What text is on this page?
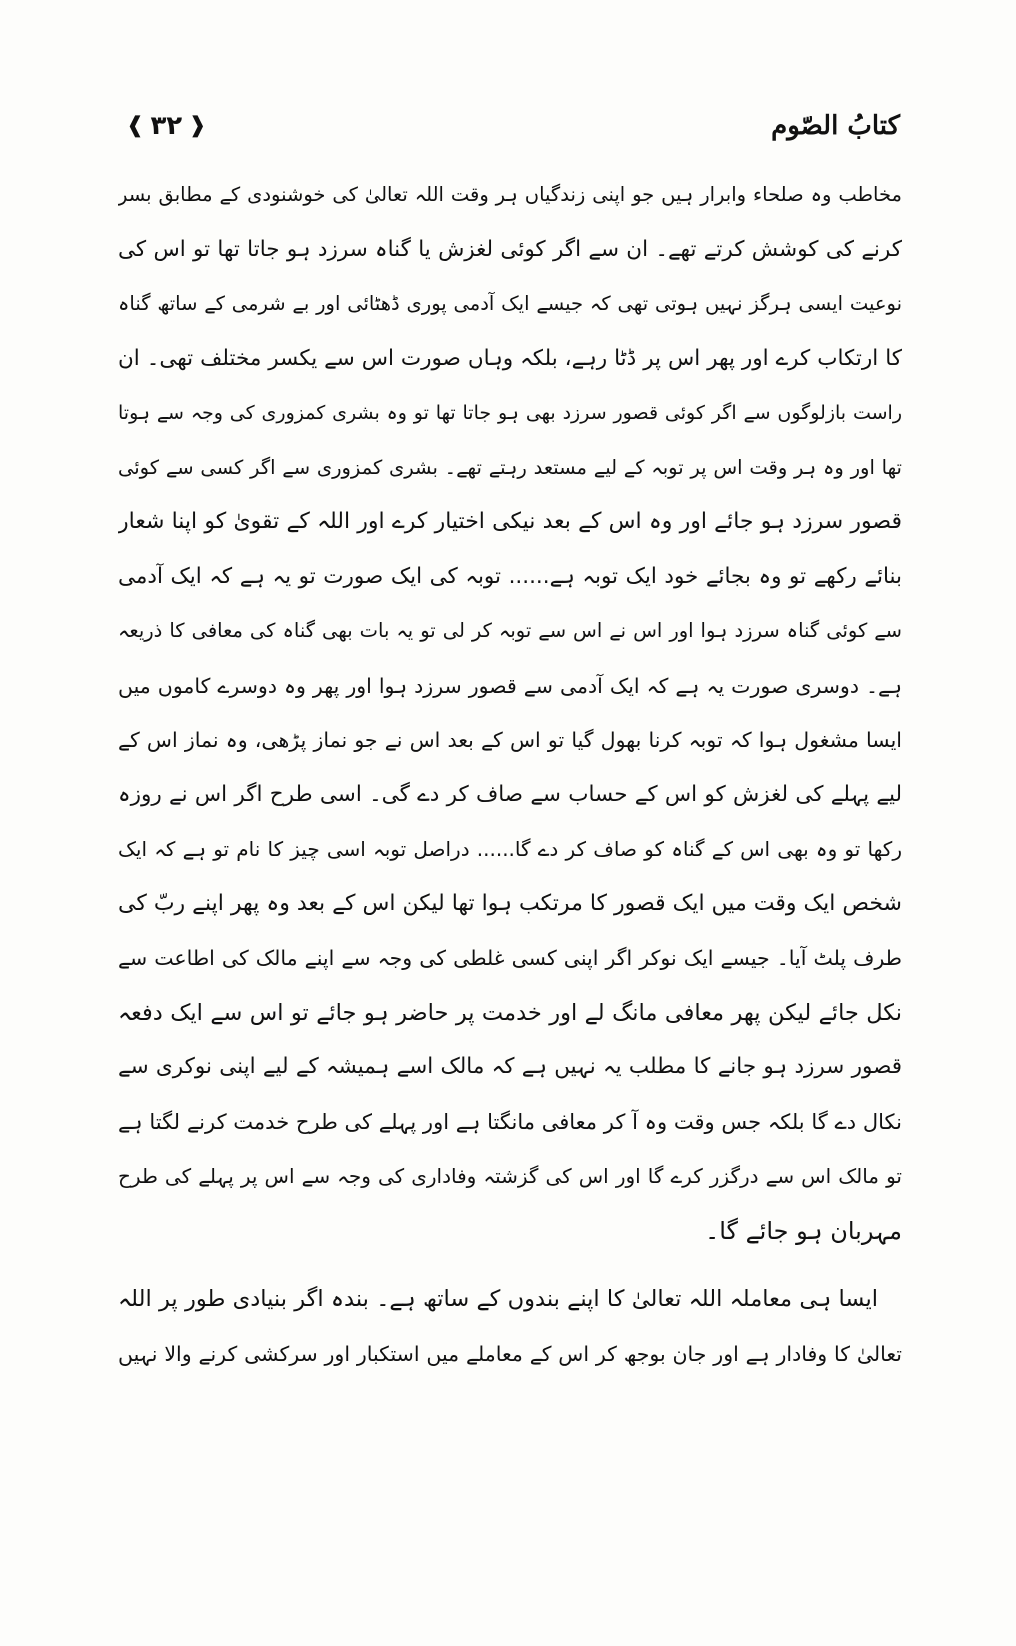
کتابُ الصّوم
❰ ۳۲ ❱
مخاطب وہ صلحاء وابرار ہیں جو اپنی زندگیاں ہر وقت اللہ تعالیٰ کی خوشنودی کے مطابق بسر
کرنے کی کوشش کرتے تھے۔ ان سے اگر کوئی لغزش یا گناہ سرزد ہو جاتا تھا تو اس کی
نوعیت ایسی ہرگز نہیں ہوتی تھی کہ جیسے ایک آدمی پوری ڈھٹائی اور بے شرمی کے ساتھ گناہ
کا ارتکاب کرے اور پھر اس پر ڈٹا رہے، بلکہ وہاں صورت اس سے یکسر مختلف تھی۔ ان
راست بازلوگوں سے اگر کوئی قصور سرزد بھی ہو جاتا تھا تو وہ بشری کمزوری کی وجہ سے ہوتا
تھا اور وہ ہر وقت اس پر توبہ کے لیے مستعد رہتے تھے۔ بشری کمزوری سے اگر کسی سے کوئی
قصور سرزد ہو جائے اور وہ اس کے بعد نیکی اختیار کرے اور اللہ کے تقویٰ کو اپنا شعار
بنائے رکھے تو وہ بجائے خود ایک توبہ ہے...... توبہ کی ایک صورت تو یہ ہے کہ ایک آدمی
سے کوئی گناہ سرزد ہوا اور اس نے اس سے توبہ کر لی تو یہ بات بھی گناہ کی معافی کا ذریعہ
ہے۔ دوسری صورت یہ ہے کہ ایک آدمی سے قصور سرزد ہوا اور پھر وہ دوسرے کاموں میں
ایسا مشغول ہوا کہ توبہ کرنا بھول گیا تو اس کے بعد اس نے جو نماز پڑھی، وہ نماز اس کے
لیے پہلے کی لغزش کو اس کے حساب سے صاف کر دے گی۔ اسی طرح اگر اس نے روزہ
رکھا تو وہ بھی اس کے گناہ کو صاف کر دے گا...... دراصل توبہ اسی چیز کا نام تو ہے کہ ایک
شخص ایک وقت میں ایک قصور کا مرتکب ہوا تھا لیکن اس کے بعد وہ پھر اپنے ربّ کی
طرف پلٹ آیا۔ جیسے ایک نوکر اگر اپنی کسی غلطی کی وجہ سے اپنے مالک کی اطاعت سے
نکل جائے لیکن پھر معافی مانگ لے اور خدمت پر حاضر ہو جائے تو اس سے ایک دفعہ
قصور سرزد ہو جانے کا مطلب یہ نہیں ہے کہ مالک اسے ہمیشہ کے لیے اپنی نوکری سے
نکال دے گا بلکہ جس وقت وہ آ کر معافی مانگتا ہے اور پہلے کی طرح خدمت کرنے لگتا ہے
تو مالک اس سے درگزر کرے گا اور اس کی گزشتہ وفاداری کی وجہ سے اس پر پہلے کی طرح
مہربان ہو جائے گا۔
ایسا ہی معاملہ اللہ تعالیٰ کا اپنے بندوں کے ساتھ ہے۔ بندہ اگر بنیادی طور پر اللہ
تعالیٰ کا وفادار ہے اور جان بوجھ کر اس کے معاملے میں استکبار اور سرکشی کرنے والا نہیں
